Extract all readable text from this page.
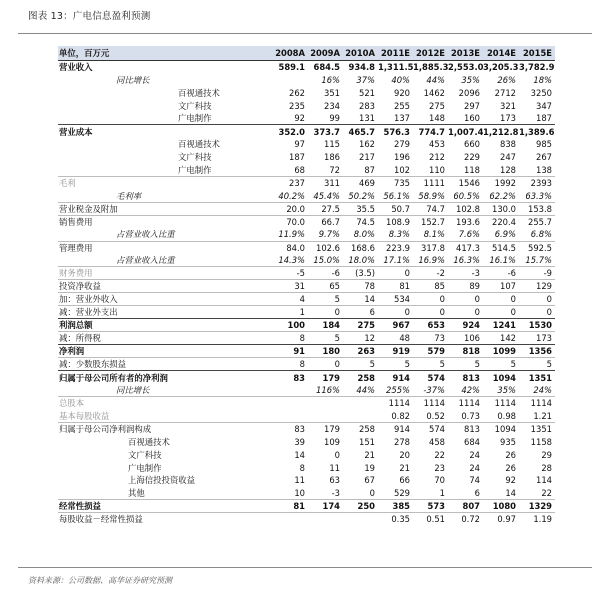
图表 13：广电信息盈利预测
单位，百万元	2008A	2009A	2010A	2011E	2012E	2013E	2014E	2015E
营业收入	589.1	684.5	934.8	1,311.5	1,885.3	2,553.0	3,205.3	3,782.9
同比增长		16%	37%	40%	44%	35%	26%	18%
百视通技术	262	351	521	920	1462	2096	2712	3250
文广科技	235	234	283	255	275	297	321	347
广电制作	92	99	131	137	148	160	173	187
营业成本	352.0	373.7	465.7	576.3	774.7	1,007.4	1,212.8	1,389.6
百视通技术	97	115	162	279	453	660	838	985
文广科技	187	186	217	196	212	229	247	267
广电制作	68	72	87	102	110	118	128	138
毛利	237	311	469	735	1111	1546	1992	2393
毛利率	40.2%	45.4%	50.2%	56.1%	58.9%	60.5%	62.2%	63.3%
营业税金及附加	20.0	27.5	35.5	50.7	74.7	102.8	130.0	153.8
销售费用	70.0	66.7	74.5	108.9	152.7	193.6	220.4	255.7
占营业收入比重	11.9%	9.7%	8.0%	8.3%	8.1%	7.6%	6.9%	6.8%
管理费用	84.0	102.6	168.6	223.9	317.8	417.3	514.5	592.5
占营业收入比重	14.3%	15.0%	18.0%	17.1%	16.9%	16.3%	16.1%	15.7%
财务费用	-5	-6	(3.5)	0	-2	-3	-6	-9
投资净收益	31	65	78	81	85	89	107	129
加：营业外收入	4	5	14	534	0	0	0	0
减：营业外支出	1	0	6	0	0	0	0	0
利润总额	100	184	275	967	653	924	1241	1530
减：所得税	8	5	12	48	73	106	142	173
净利润	91	180	263	919	579	818	1099	1356
减：少数股东损益	8	0	5	5	5	5	5	5
归属于母公司所有者的净利润	83	179	258	914	574	813	1094	1351
同比增长		116%	44%	255%	-37%	42%	35%	24%
总股本				1114	1114	1114	1114	1114
基本每股收益				0.82	0.52	0.73	0.98	1.21
归属于母公司净利润构成	83	179	258	914	574	813	1094	1351
百视通技术	39	109	151	278	458	684	935	1158
文广科技	14	0	21	20	22	24	26	29
广电制作	8	11	19	21	23	24	26	28
上海信投投资收益	11	63	67	66	70	74	92	114
其他	10	-3	0	529	1	6	14	22
经常性损益	81	174	250	385	573	807	1080	1329
每股收益－经常性损益				0.35	0.51	0.72	0.97	1.19
资料来源：公司数据、高华证券研究预测
